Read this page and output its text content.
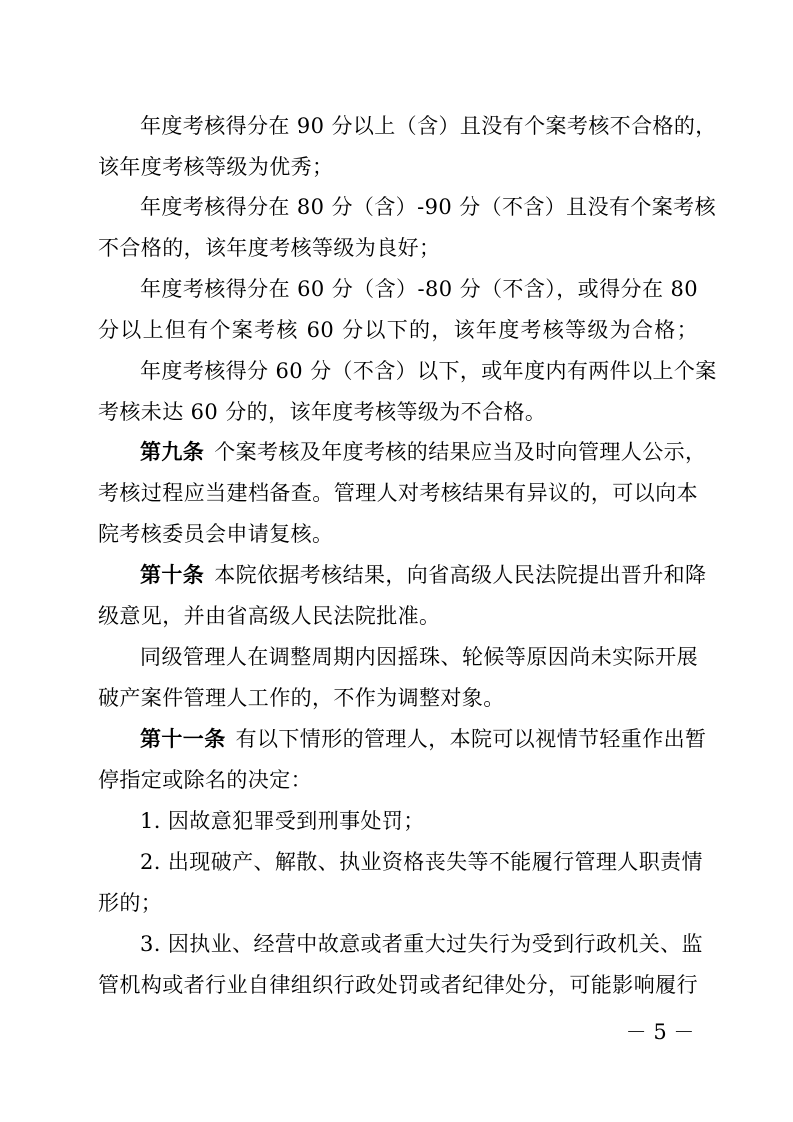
年度考核得分在 90 分以上（含）且没有个案考核不合格的，
该年度考核等级为优秀；
年度考核得分在 80 分（含）-90 分（不含）且没有个案考核
不合格的，该年度考核等级为良好；
年度考核得分在 60 分（含）-80 分（不含），或得分在 80
分以上但有个案考核 60 分以下的，该年度考核等级为合格；
年度考核得分 60 分（不含）以下，或年度内有两件以上个案
考核未达 60 分的，该年度考核等级为不合格。
第九条 个案考核及年度考核的结果应当及时向管理人公示，
考核过程应当建档备查。管理人对考核结果有异议的，可以向本
院考核委员会申请复核。
第十条 本院依据考核结果，向省高级人民法院提出晋升和降
级意见，并由省高级人民法院批准。
同级管理人在调整周期内因摇珠、轮候等原因尚未实际开展
破产案件管理人工作的，不作为调整对象。
第十一条 有以下情形的管理人，本院可以视情节轻重作出暂
停指定或除名的决定：
1. 因故意犯罪受到刑事处罚；
2. 出现破产、解散、执业资格丧失等不能履行管理人职责情
形的；
3. 因执业、经营中故意或者重大过失行为受到行政机关、监
管机构或者行业自律组织行政处罚或者纪律处分，可能影响履行
－ 5 －
